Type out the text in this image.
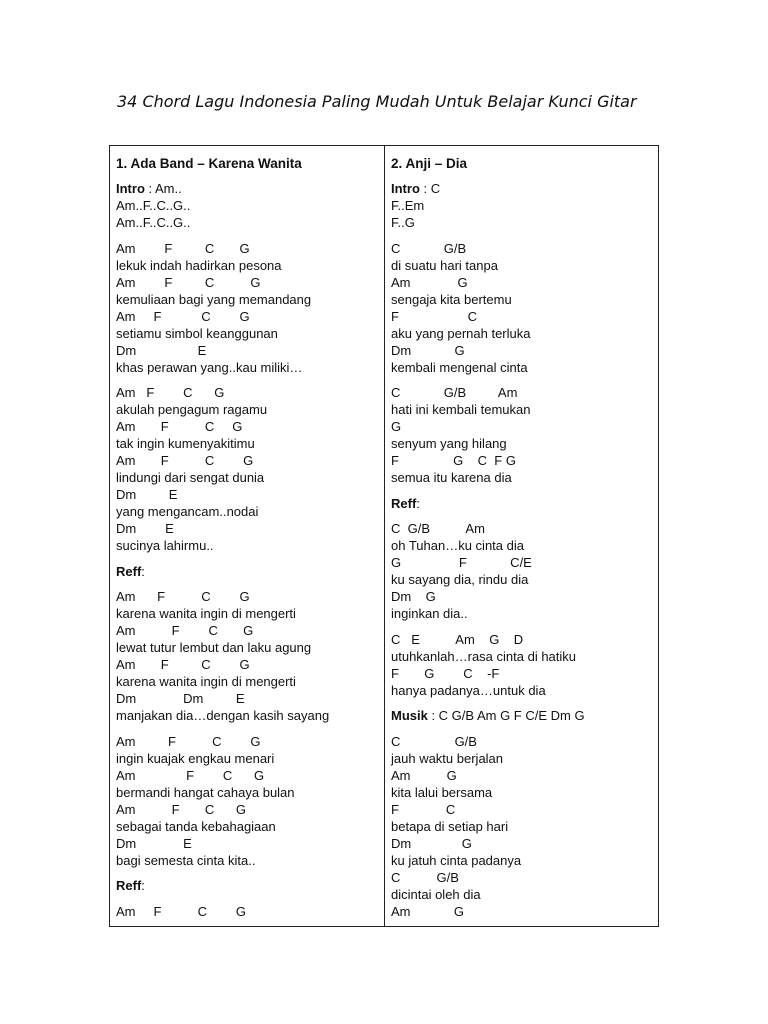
34 Chord Lagu Indonesia Paling Mudah Untuk Belajar Kunci Gitar
1. Ada Band – Karena Wanita
Intro : Am..
Am..F..C..G..
Am..F..C..G..
Am        F         C       G
lekuk indah hadirkan pesona
Am        F         C          G
kemuliaan bagi yang memandang
Am     F           C        G
setiamu simbol keanggunan
Dm                 E
khas perawan yang..kau miliki…
Am   F        C      G
akulah pengagum ragamu
Am       F          C     G
tak ingin kumenyakitimu
Am       F          C        G
lindungi dari sengat dunia
Dm         E
yang mengancam..nodai
Dm        E
sucinya lahirmu..
Reff:
Am      F          C        G
karena wanita ingin di mengerti
Am          F        C       G
lewat tutur lembut dan laku agung
Am       F         C        G
karena wanita ingin di mengerti
Dm             Dm         E
manjakan dia…dengan kasih sayang
Am         F          C        G
ingin kuajak engkau menari
Am              F        C      G
bermandi hangat cahaya bulan
Am          F       C      G
sebagai tanda kebahagiaan
Dm             E
bagi semesta cinta kita..
Reff:
Am     F          C        G
2. Anji – Dia
Intro : C
F..Em
F..G
C            G/B
di suatu hari tanpa
Am             G
sengaja kita bertemu
F                   C
aku yang pernah terluka
Dm            G
kembali mengenal cinta
C            G/B         Am
hati ini kembali temukan
G
senyum yang hilang
F               G    C  F G
semua itu karena dia
Reff:
C  G/B          Am
oh Tuhan…ku cinta dia
G                F            C/E
ku sayang dia, rindu dia
Dm    G
inginkan dia..
C   E          Am    G    D
utuhkanlah…rasa cinta di hatiku
F       G        C    -F
hanya padanya…untuk dia
Musik : C G/B Am G F C/E Dm G
C               G/B
jauh waktu berjalan
Am          G
kita lalui bersama
F             C
betapa di setiap hari
Dm              G
ku jatuh cinta padanya
C          G/B
dicintai oleh dia
Am            G
